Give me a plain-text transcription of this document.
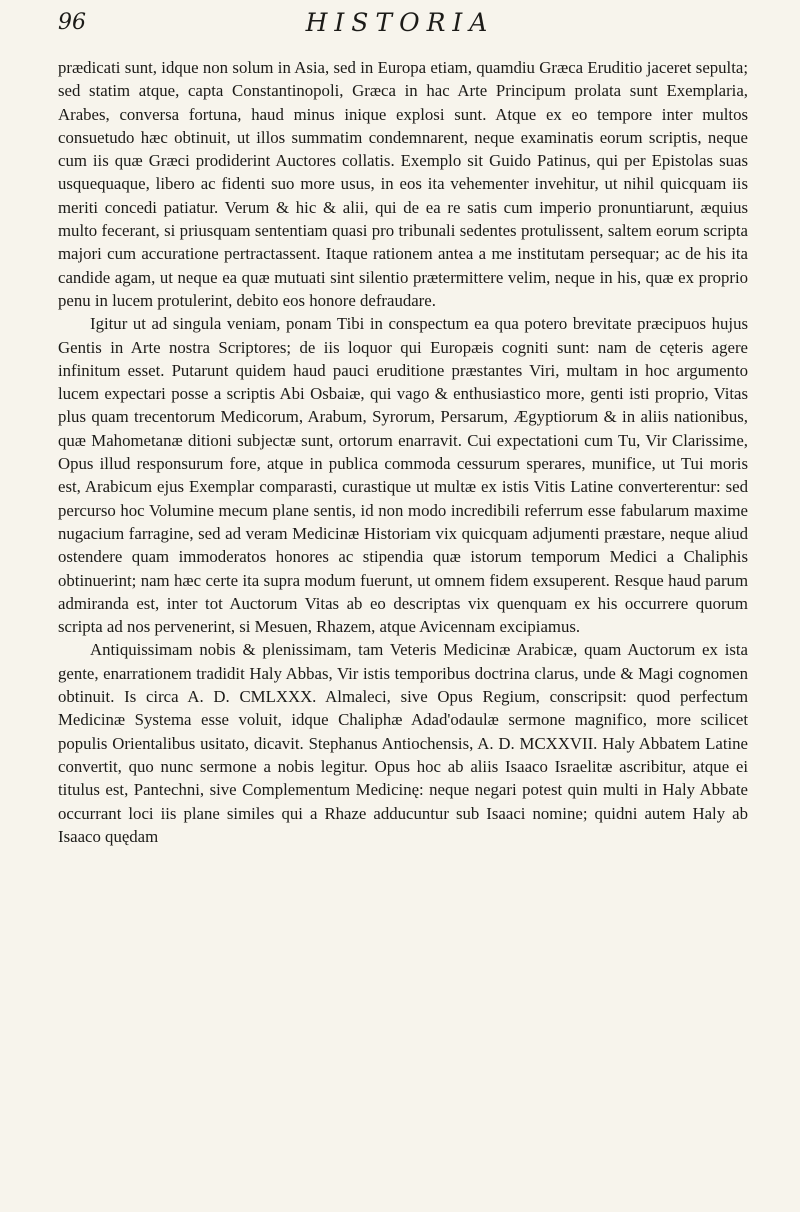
96	HISTORIA

prædicati sunt, idque non solum in Asia, sed in Europa etiam, quamdiu Græca Eruditio jaceret sepulta; sed statim atque, capta Constantinopoli, Græca in hac Arte Principum prolata sunt Exemplaria, Arabes, conversa fortuna, haud minus inique explosi sunt. Atque ex eo tempore inter multos consuetudo hæc obtinuit, ut illos summatim condemnarent, neque examinatis eorum scriptis, neque cum iis quæ Græci prodiderint Auctores collatis. Exemplo sit Guido Patinus, qui per Epistolas suas usquequaque, libero ac fidenti suo more usus, in eos ita vehementer invehitur, ut nihil quicquam iis meriti concedi patiatur. Verum & hic & alii, qui de ea re satis cum imperio pronuntiarunt, æquius multo fecerant, si priusquam sententiam quasi pro tribunali sedentes protulissent, saltem eorum scripta majori cum accuratione pertractassent. Itaque rationem antea a me institutam persequar; ac de his ita candide agam, ut neque ea quæ mutuati sint silentio prætermittere velim, neque in his, quæ ex proprio penu in lucem protulerint, debito eos honore defraudare.

Igitur ut ad singula veniam, ponam Tibi in conspectum ea qua potero brevitate præcipuos hujus Gentis in Arte nostra Scriptores; de iis loquor qui Europæis cogniti sunt: nam de cęteris agere infinitum esset. Putarunt quidem haud pauci eruditione præstantes Viri, multam in hoc argumento lucem expectari posse a scriptis Abi Osbaiæ, qui vago & enthusiastico more, genti isti proprio, Vitas plus quam trecentorum Medicorum, Arabum, Syrorum, Persarum, Ægyptiorum & in aliis nationibus, quæ Mahometanæ ditioni subjectæ sunt, ortorum enarravit. Cui expectationi cum Tu, Vir Clarissime, Opus illud responsurum fore, atque in publica commoda cessurum sperares, munifice, ut Tui moris est, Arabicum ejus Exemplar comparasti, curastique ut multæ ex istis Vitis Latine converterentur: sed percurso hoc Volumine mecum plane sentis, id non modo incredibili referrum esse fabularum maxime nugacium farragine, sed ad veram Medicinæ Historiam vix quicquam adjumenti præstare, neque aliud ostendere quam immoderatos honores ac stipendia quæ istorum temporum Medici a Chaliphis obtinuerint; nam hæc certe ita supra modum fuerunt, ut omnem fidem exsuperent. Resque haud parum admiranda est, inter tot Auctorum Vitas ab eo descriptas vix quenquam ex his occurrere quorum scripta ad nos pervenerint, si Mesuen, Rhazem, atque Avicennam excipiamus.

Antiquissimam nobis & plenissimam, tam Veteris Medicinæ Arabicæ, quam Auctorum ex ista gente, enarrationem tradidit Haly Abbas, Vir istis temporibus doctrina clarus, unde & Magi cognomen obtinuit. Is circa A. D. CMLXXX. Almaleci, sive Opus Regium, conscripsit: quod perfectum Medicinæ Systema esse voluit, idque Chaliphæ Adad'odaulæ sermone magnifico, more scilicet populis Orientalibus usitato, dicavit. Stephanus Antiochensis, A. D. MCXXVII. Haly Abbatem Latine convertit, quo nunc sermone a nobis legitur. Opus hoc ab aliis Isaaco Israelitæ ascribitur, atque ei titulus est, Pantechni, sive Complementum Medicinę: neque negari potest quin multi in Haly Abbate occurrant loci iis plane similes qui a Rhaze adducuntur sub Isaaci nomine; quidni autem Haly ab Isaaco quędam
